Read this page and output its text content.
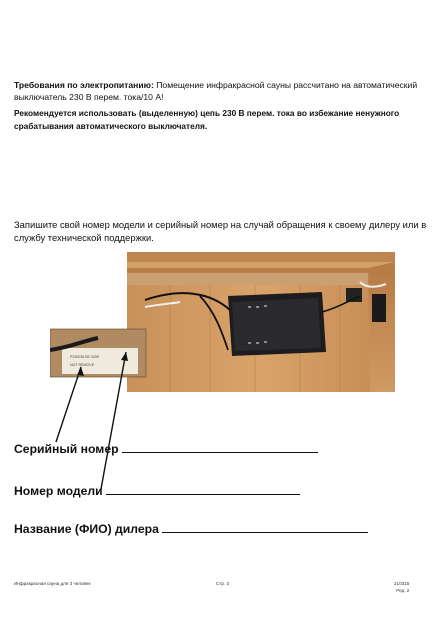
Требования по электропитанию: Помещение инфракрасной сауны рассчитано на автоматический выключатель 230 В перем. тока/10 A!
Рекомендуется использовать (выделенную) цепь 230 В перем. тока во избежание ненужного срабатывания автоматического выключателя.
Запишите свой номер модели и серийный номер на случай обращения к своему дилеру или в службу технической поддержки.
P230035 B0 3035
NOT REMOVE
Серийный номер
Номер модели
Название (ФИО) дилера
Инфракрасная сауна для 3 человек	Стр. 3	210315
Ред. 2
